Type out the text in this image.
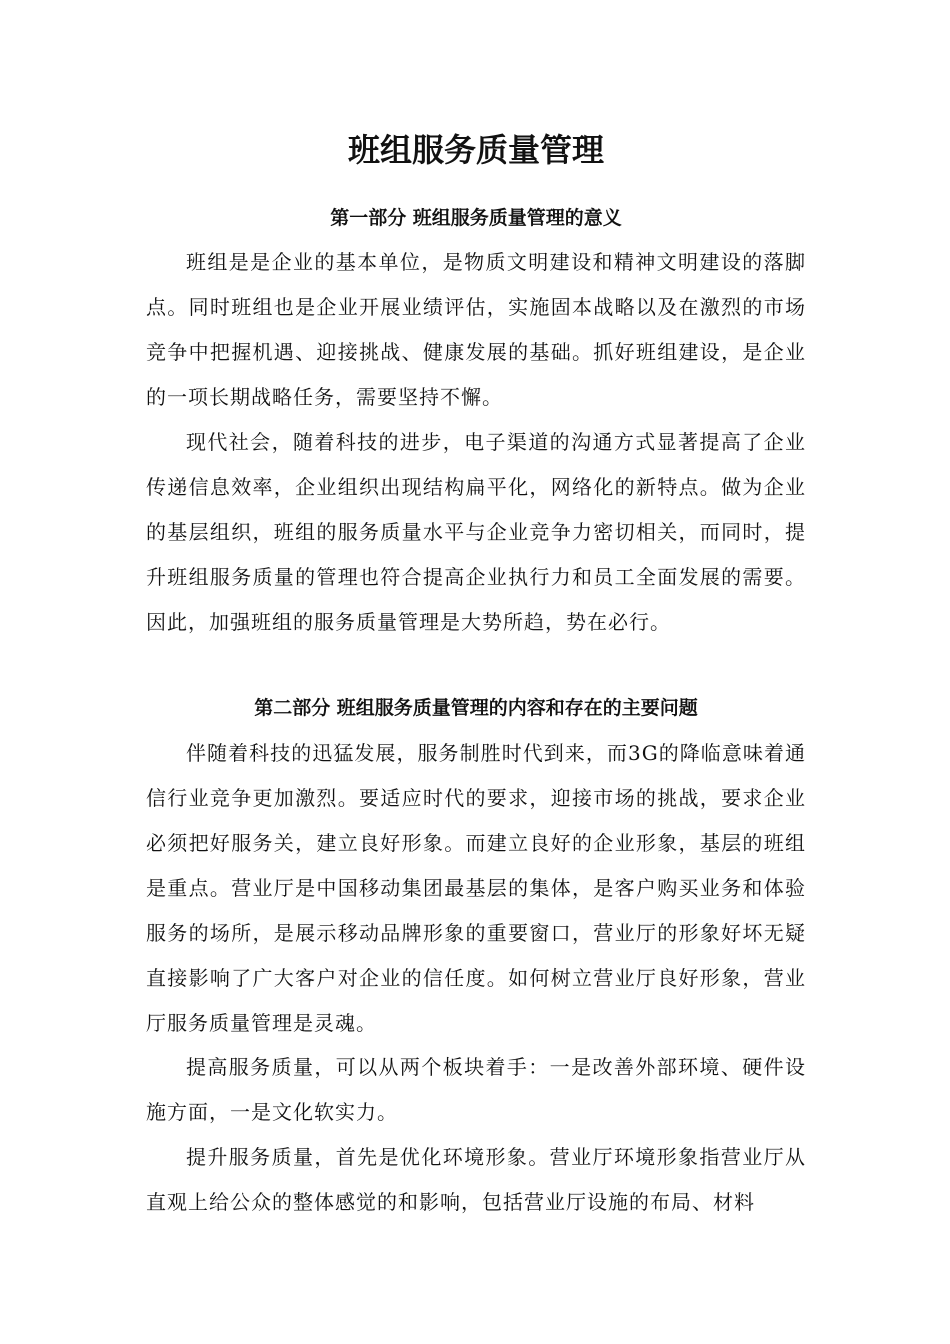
班组服务质量管理
第一部分 班组服务质量管理的意义

班组是是企业的基本单位，是物质文明建设和精神文明建设的落脚点。同时班组也是企业开展业绩评估，实施固本战略以及在激烈的市场竞争中把握机遇、迎接挑战、健康发展的基础。抓好班组建设，是企业的一项长期战略任务，需要坚持不懈。

现代社会，随着科技的进步，电子渠道的沟通方式显著提高了企业传递信息效率，企业组织出现结构扁平化，网络化的新特点。做为企业的基层组织，班组的服务质量水平与企业竞争力密切相关，而同时，提升班组服务质量的管理也符合提高企业执行力和员工全面发展的需要。因此，加强班组的服务质量管理是大势所趋，势在必行。

第二部分 班组服务质量管理的内容和存在的主要问题

伴随着科技的迅猛发展，服务制胜时代到来，而3G的降临意味着通信行业竞争更加激烈。要适应时代的要求，迎接市场的挑战，要求企业必须把好服务关，建立良好形象。而建立良好的企业形象，基层的班组是重点。营业厅是中国移动集团最基层的集体，是客户购买业务和体验服务的场所，是展示移动品牌形象的重要窗口，营业厅的形象好坏无疑直接影响了广大客户对企业的信任度。如何树立营业厅良好形象，营业厅服务质量管理是灵魂。

提高服务质量，可以从两个板块着手：一是改善外部环境、硬件设施方面，一是文化软实力。

提升服务质量，首先是优化环境形象。营业厅环境形象指营业厅从直观上给公众的整体感觉的和影响，包括营业厅设施的布局、材料
